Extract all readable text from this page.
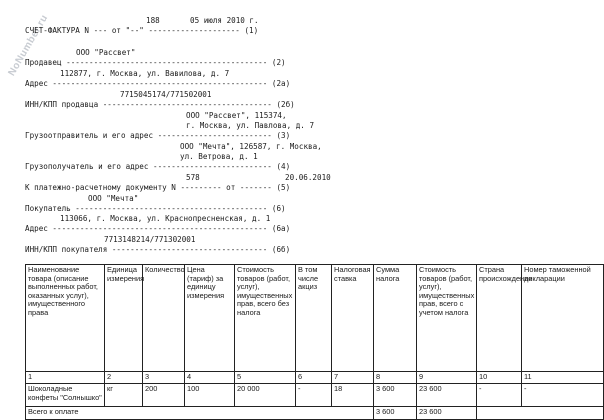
NoNumber.ru	188	05 июля 2010 г.
СЧЕТ-ФАКТУРА N --- от "--" -------------------- (1)
ООО "Рассвет"
Продавец -------------------------------------------- (2)
112877, г. Москва, ул. Вавилова, д. 7
Адрес ----------------------------------------------- (2а)
7715045174/771502001
ИНН/КПП продавца ------------------------------------- (2б)
ООО "Рассвет", 115374,
г. Москва, ул. Павлова, д. 7
Грузоотправитель и его адрес ------------------------- (3)
ООО "Мечта", 126587, г. Москва,
ул. Ветрова, д. 1
Грузополучатель и его адрес -------------------------- (4)
578	20.06.2010
К платежно-расчетному документу N --------- от ------- (5)
ООО "Мечта"
Покупатель ------------------------------------------ (6)
113066, г. Москва, ул. Краснопресненская, д. 1
Адрес ----------------------------------------------- (6а)
7713148214/771302001
ИНН/КПП покупателя ---------------------------------- (6б)
Наименование товара (описание выполненных работ, оказанных услуг), имущественного права	Единица измерения	Количество	Цена (тариф) за единицу измерения	Стоимость товаров (работ, услуг), имущественных прав, всего без налога	В том числе акциз	Налоговая ставка	Сумма налога	Стоимость товаров (работ, услуг), имущественных прав, всего с учетом налога	Страна происхождения	Номер таможенной декларации
1	2	3	4	5	6	7	8	9	10	11
Шоколадные конфеты "Солнышко"	кг	200	100	20 000	-	18	3 600	23 600	-	-
Всего к оплате							3 600	23 600		
